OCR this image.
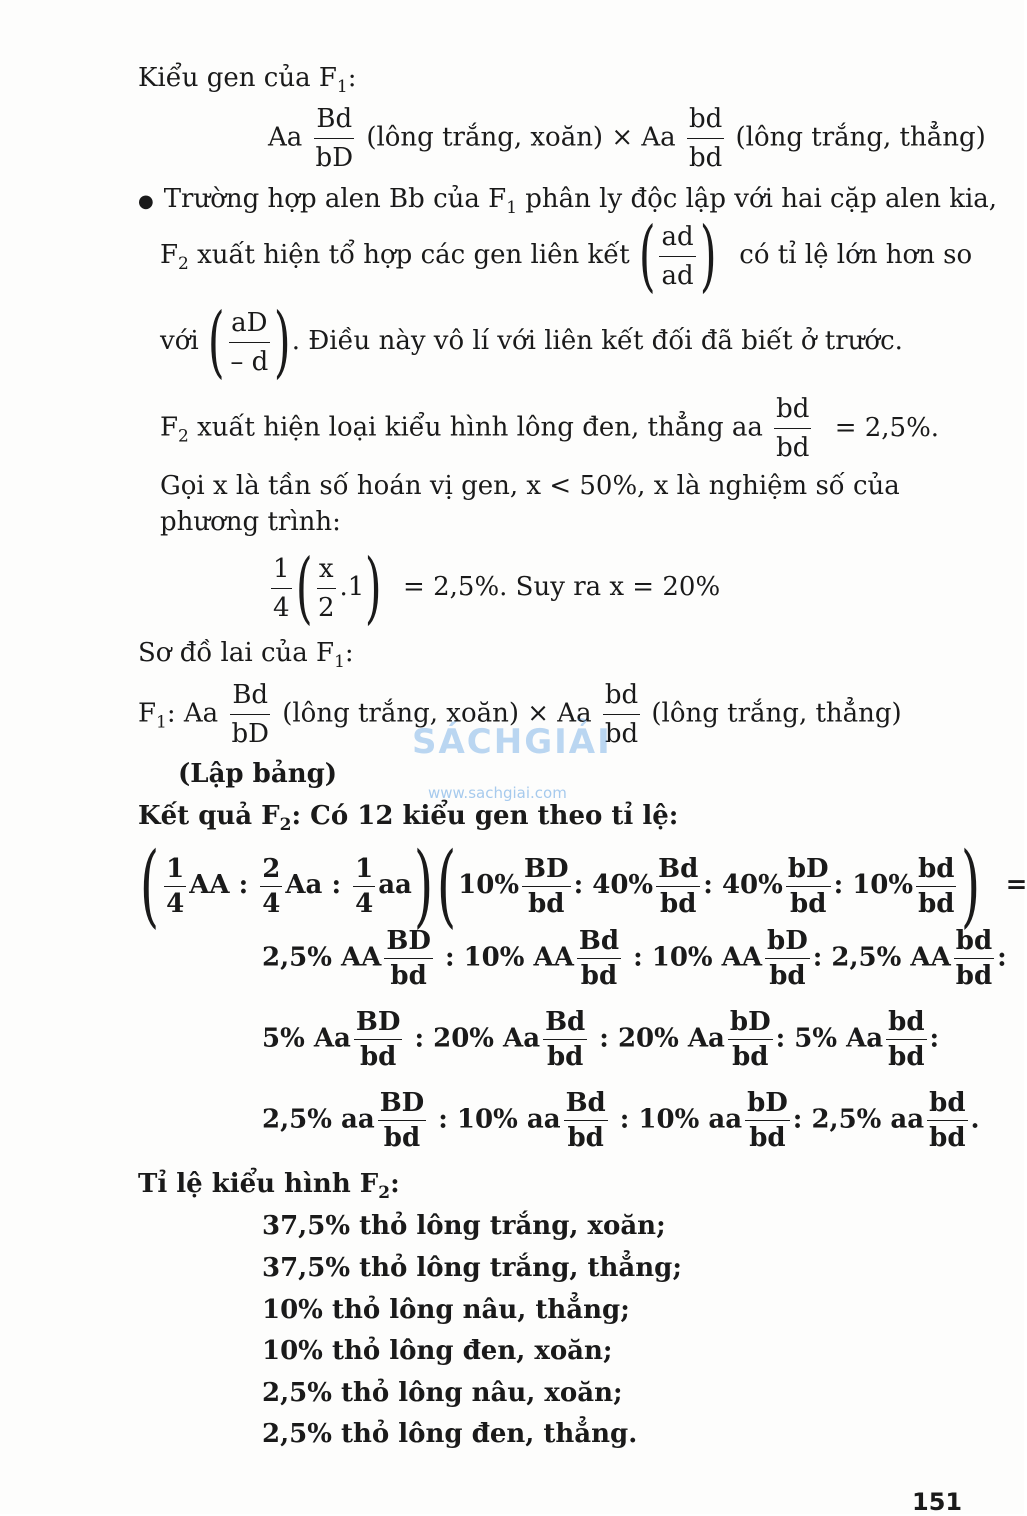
Kiểu gen của $F_1$:
Aa $\frac{Bd}{bD}$ (lông trắng, xoăn) × Aa $\frac{bd}{bd}$ (lông trắng, thẳng)
● Trường hợp alen Bb của $F_1$ phân ly độc lập với hai cặp alen kia,
$F_2$ xuất hiện tổ hợp các gen liên kết ( $\frac{ad}{ad}$ ) có tỉ lệ lớn hơn so
với ( $\frac{aD}{- d}$ ). Điều này vô lí với liên kết đối đã biết ở trước.
$F_2$ xuất hiện loại kiểu hình lông đen, thẳng aa $\frac{bd}{bd} = 2,5\%$.
Gọi x là tần số hoán vị gen, x < 50%, x là nghiệm số của
phương trình:
$\frac{1}{4}$ ( $\frac{x}{2} .1) = 2,5\%$. Suy ra x = 20%
Sơ đồ lai của $F_1$:
$F_1$: Aa $\frac{Bd}{bD}$ (lông trắng, xoăn) × Aa $\frac{bd}{bd}$ (lông trắng, thẳng)
(Lập bảng)
Kết quả $F_2$: Có 12 kiểu gen theo tỉ lệ:
( $\frac{1}{4}$ AA : $\frac{2}{4}$ Aa : $\frac{1}{4} aa)(10\% \frac{BD}{bd}$ : $40\% \frac{Bd}{bd}$ : $40\% \frac{bD}{bd}$ : $10\% \frac{bd}{bd}$ ) =
2,5% AA $\frac{BD}{bd}$ : 10% AA $\frac{Bd}{bd}$ : 10% AA $\frac{bD}{bd}$ : 2,5% AA $\frac{bd}{bd}$ :
5% Aa $\frac{BD}{bd}$ : 20% Aa $\frac{Bd}{bd}$ : 20% Aa $\frac{bD}{bd}$ : 5% Aa $\frac{bd}{bd}$ :
2,5% aa $\frac{BD}{bd}$ : 10% aa $\frac{Bd}{bd}$ : 10% aa $\frac{bD}{bd}$ : 2,5% aa $\frac{bd}{bd}$ .
Tỉ lệ kiểu hình $F_2$:
37,5% thỏ lông trắng, xoăn;
37,5% thỏ lông trắng, thẳng;
10% thỏ lông nâu, thẳng;
10% thỏ lông đen, xoăn;
2,5% thỏ lông nâu, xoăn;
2,5% thỏ lông đen, thẳng.
SÁCHGIẢI
www.sachgiai.com
151
